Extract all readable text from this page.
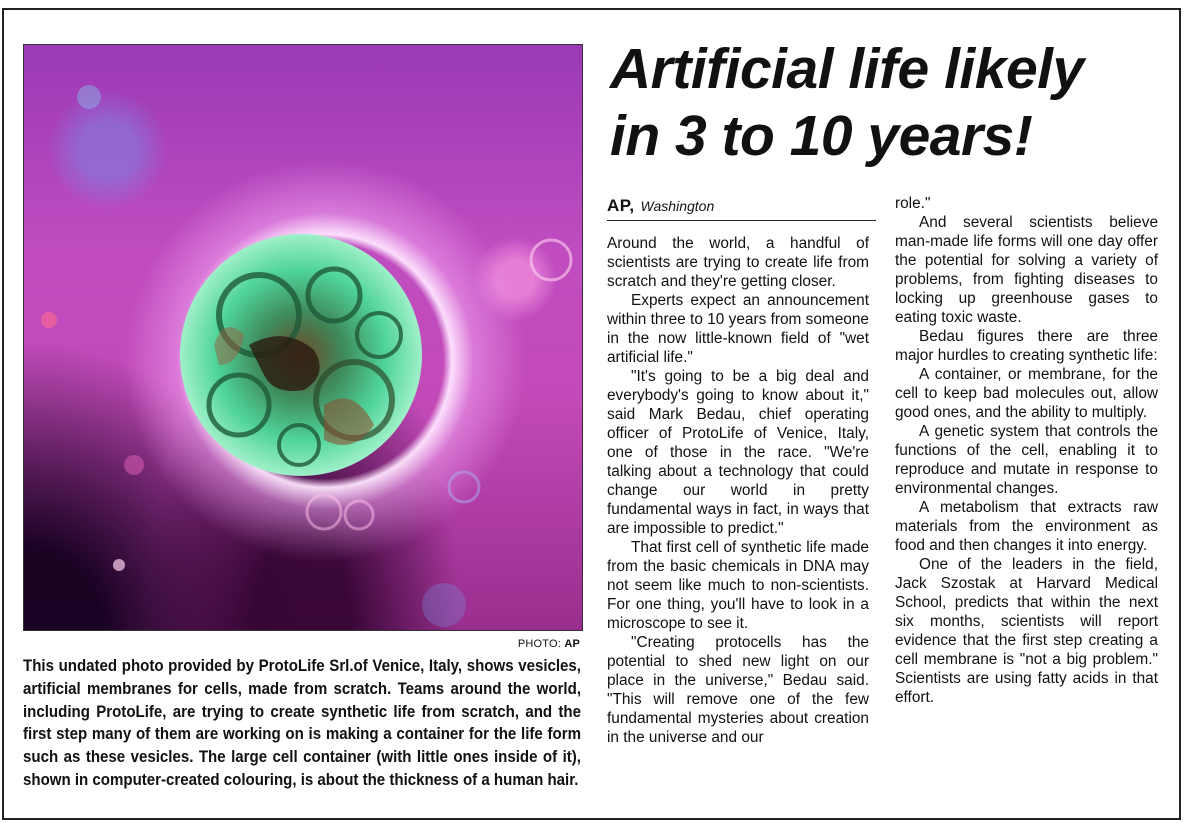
PHOTO: AP
This undated photo provided by ProtoLife Srl.of Venice, Italy, shows vesicles, artificial membranes for cells, made from scratch. Teams around the world, including ProtoLife, are trying to create synthetic life from scratch, and the first step many of them are working on is making a container for the life form such as these vesicles. The large cell container (with little ones inside of it), shown in computer-created colouring, is about the thickness of a human hair.
Artificial life likely
in 3 to 10 years!
AP, Washington

Around the world, a handful of scientists are trying to create life from scratch and they're getting closer.

Experts expect an announcement within three to 10 years from someone in the now little-known field of "wet artificial life."

"It's going to be a big deal and everybody's going to know about it," said Mark Bedau, chief operating officer of ProtoLife of Venice, Italy, one of those in the race. "We're talking about a technology that could change our world in pretty fundamental ways in fact, in ways that are impossible to predict."

That first cell of synthetic life made from the basic chemicals in DNA may not seem like much to non-scientists. For one thing, you'll have to look in a microscope to see it.

"Creating protocells has the potential to shed new light on our place in the universe," Bedau said. "This will remove one of the few fundamental mysteries about creation in the universe and our

role."

And several scientists believe man-made life forms will one day offer the potential for solving a variety of problems, from fighting diseases to locking up greenhouse gases to eating toxic waste.

Bedau figures there are three major hurdles to creating synthetic life:

A container, or membrane, for the cell to keep bad molecules out, allow good ones, and the ability to multiply.

A genetic system that controls the functions of the cell, enabling it to reproduce and mutate in response to environmental changes.

A metabolism that extracts raw materials from the environment as food and then changes it into energy.

One of the leaders in the field, Jack Szostak at Harvard Medical School, predicts that within the next six months, scientists will report evidence that the first step creating a cell membrane is "not a big problem." Scientists are using fatty acids in that effort.
